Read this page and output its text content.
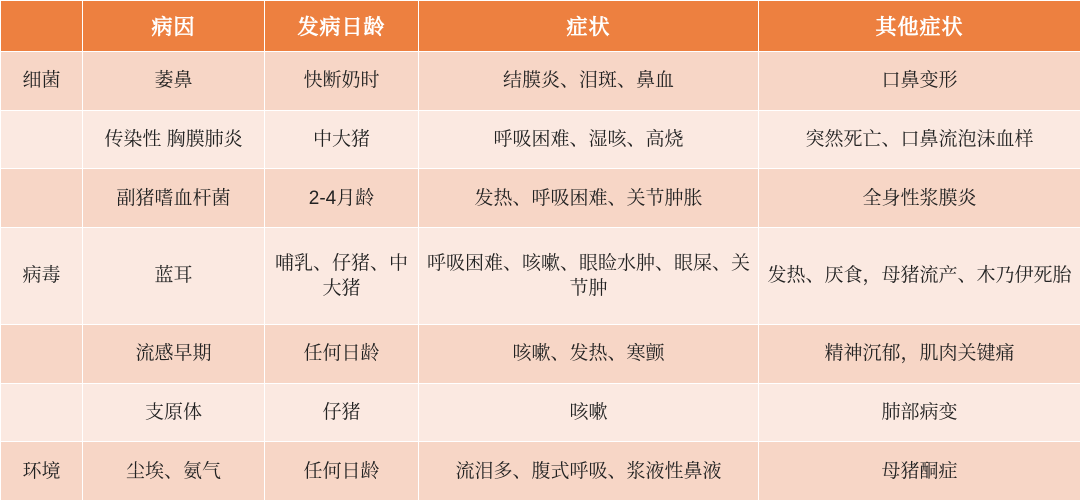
	病因	发病日龄	症状	其他症状
细菌	萎鼻	快断奶时	结膜炎、泪斑、鼻血	口鼻变形
	传染性 胸膜肺炎	中大猪	呼吸困难、湿咳、高烧	突然死亡、口鼻流泡沫血样
	副猪嗜血杆菌	2-4月龄	发热、呼吸困难、关节肿胀	全身性浆膜炎
病毒	蓝耳	哺乳、仔猪、中大猪	呼吸困难、咳嗽、眼睑水肿、眼屎、关节肿	发热、厌食，母猪流产、木乃伊死胎
	流感早期	任何日龄	咳嗽、发热、寒颤	精神沉郁，肌肉关键痛
	支原体	仔猪	咳嗽	肺部病变
环境	尘埃、氨气	任何日龄	流泪多、腹式呼吸、浆液性鼻液	母猪酮症
